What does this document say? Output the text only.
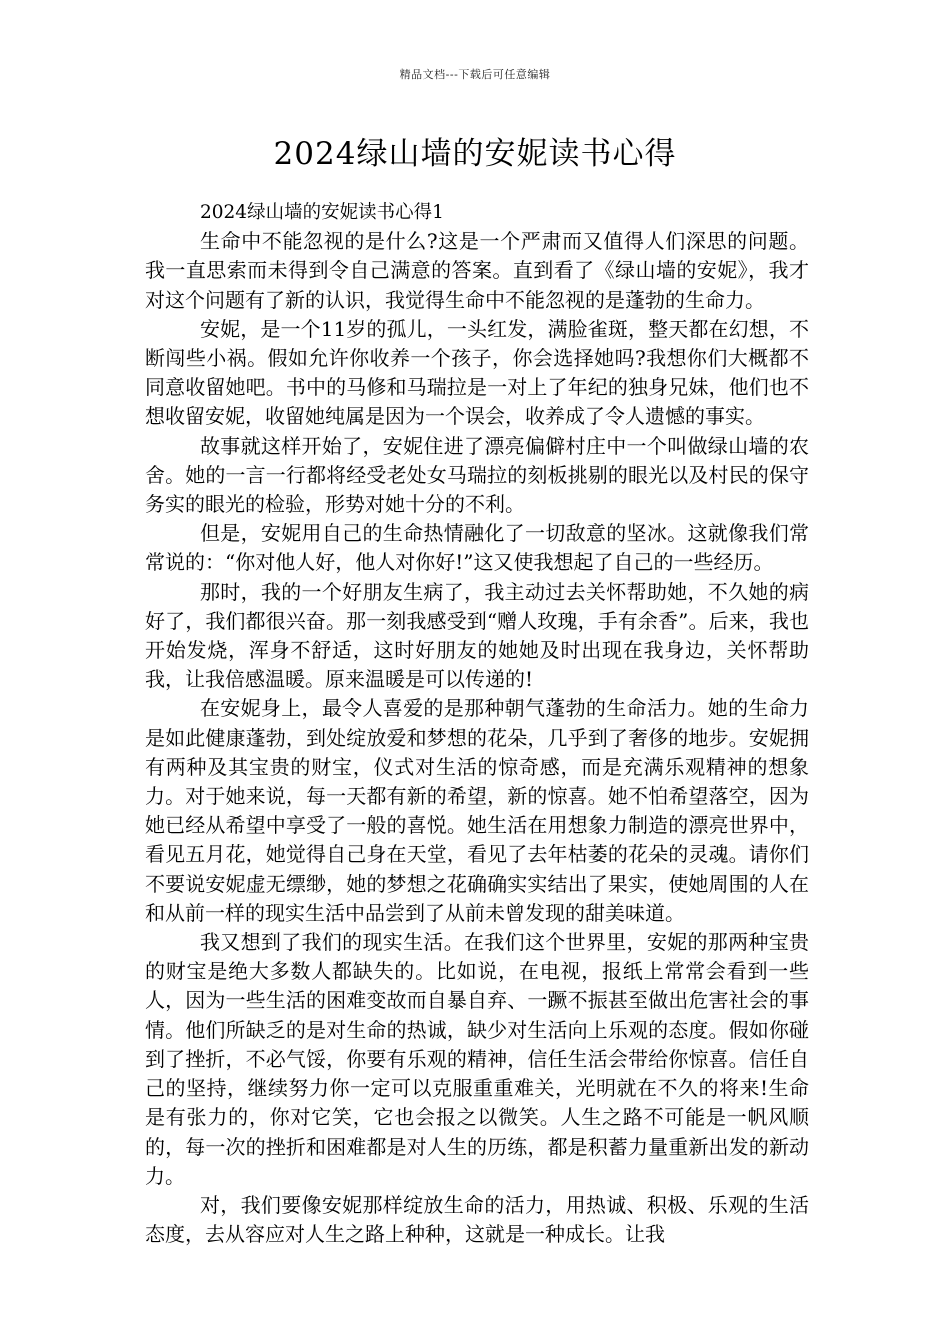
精品文档---下载后可任意编辑
2024绿山墙的安妮读书心得
2024绿山墙的安妮读书心得1

生命中不能忽视的是什么?这是一个严肃而又值得人们深思的问题。我一直思索而未得到令自己满意的答案。直到看了《绿山墙的安妮》，我才对这个问题有了新的认识，我觉得生命中不能忽视的是蓬勃的生命力。

安妮，是一个11岁的孤儿，一头红发，满脸雀斑，整天都在幻想，不断闯些小祸。假如允许你收养一个孩子，你会选择她吗?我想你们大概都不同意收留她吧。书中的马修和马瑞拉是一对上了年纪的独身兄妹，他们也不想收留安妮，收留她纯属是因为一个误会，收养成了令人遗憾的事实。

故事就这样开始了，安妮住进了漂亮偏僻村庄中一个叫做绿山墙的农舍。她的一言一行都将经受老处女马瑞拉的刻板挑剔的眼光以及村民的保守务实的眼光的检验，形势对她十分的不利。

但是，安妮用自己的生命热情融化了一切敌意的坚冰。这就像我们常常说的：“你对他人好，他人对你好!”这又使我想起了自己的一些经历。

那时，我的一个好朋友生病了，我主动过去关怀帮助她，不久她的病好了，我们都很兴奋。那一刻我感受到“赠人玫瑰，手有余香”。后来，我也开始发烧，浑身不舒适，这时好朋友的她她及时出现在我身边，关怀帮助我，让我倍感温暖。原来温暖是可以传递的!

在安妮身上，最令人喜爱的是那种朝气蓬勃的生命活力。她的生命力是如此健康蓬勃，到处绽放爱和梦想的花朵，几乎到了奢侈的地步。安妮拥有两种及其宝贵的财宝，仪式对生活的惊奇感，而是充满乐观精神的想象力。对于她来说，每一天都有新的希望，新的惊喜。她不怕希望落空，因为她已经从希望中享受了一般的喜悦。她生活在用想象力制造的漂亮世界中，看见五月花，她觉得自己身在天堂，看见了去年枯萎的花朵的灵魂。请你们不要说安妮虚无缥缈，她的梦想之花确确实实结出了果实，使她周围的人在和从前一样的现实生活中品尝到了从前未曾发现的甜美味道。

我又想到了我们的现实生活。在我们这个世界里，安妮的那两种宝贵的财宝是绝大多数人都缺失的。比如说，在电视，报纸上常常会看到一些人，因为一些生活的困难变故而自暴自弃、一蹶不振甚至做出危害社会的事情。他们所缺乏的是对生命的热诚，缺少对生活向上乐观的态度。假如你碰到了挫折，不必气馁，你要有乐观的精神，信任生活会带给你惊喜。信任自己的坚持，继续努力你一定可以克服重重难关，光明就在不久的将来!生命是有张力的，你对它笑，它也会报之以微笑。人生之路不可能是一帆风顺的，每一次的挫折和困难都是对人生的历练，都是积蓄力量重新出发的新动力。

对，我们要像安妮那样绽放生命的活力，用热诚、积极、乐观的生活态度，去从容应对人生之路上种种，这就是一种成长。让我
